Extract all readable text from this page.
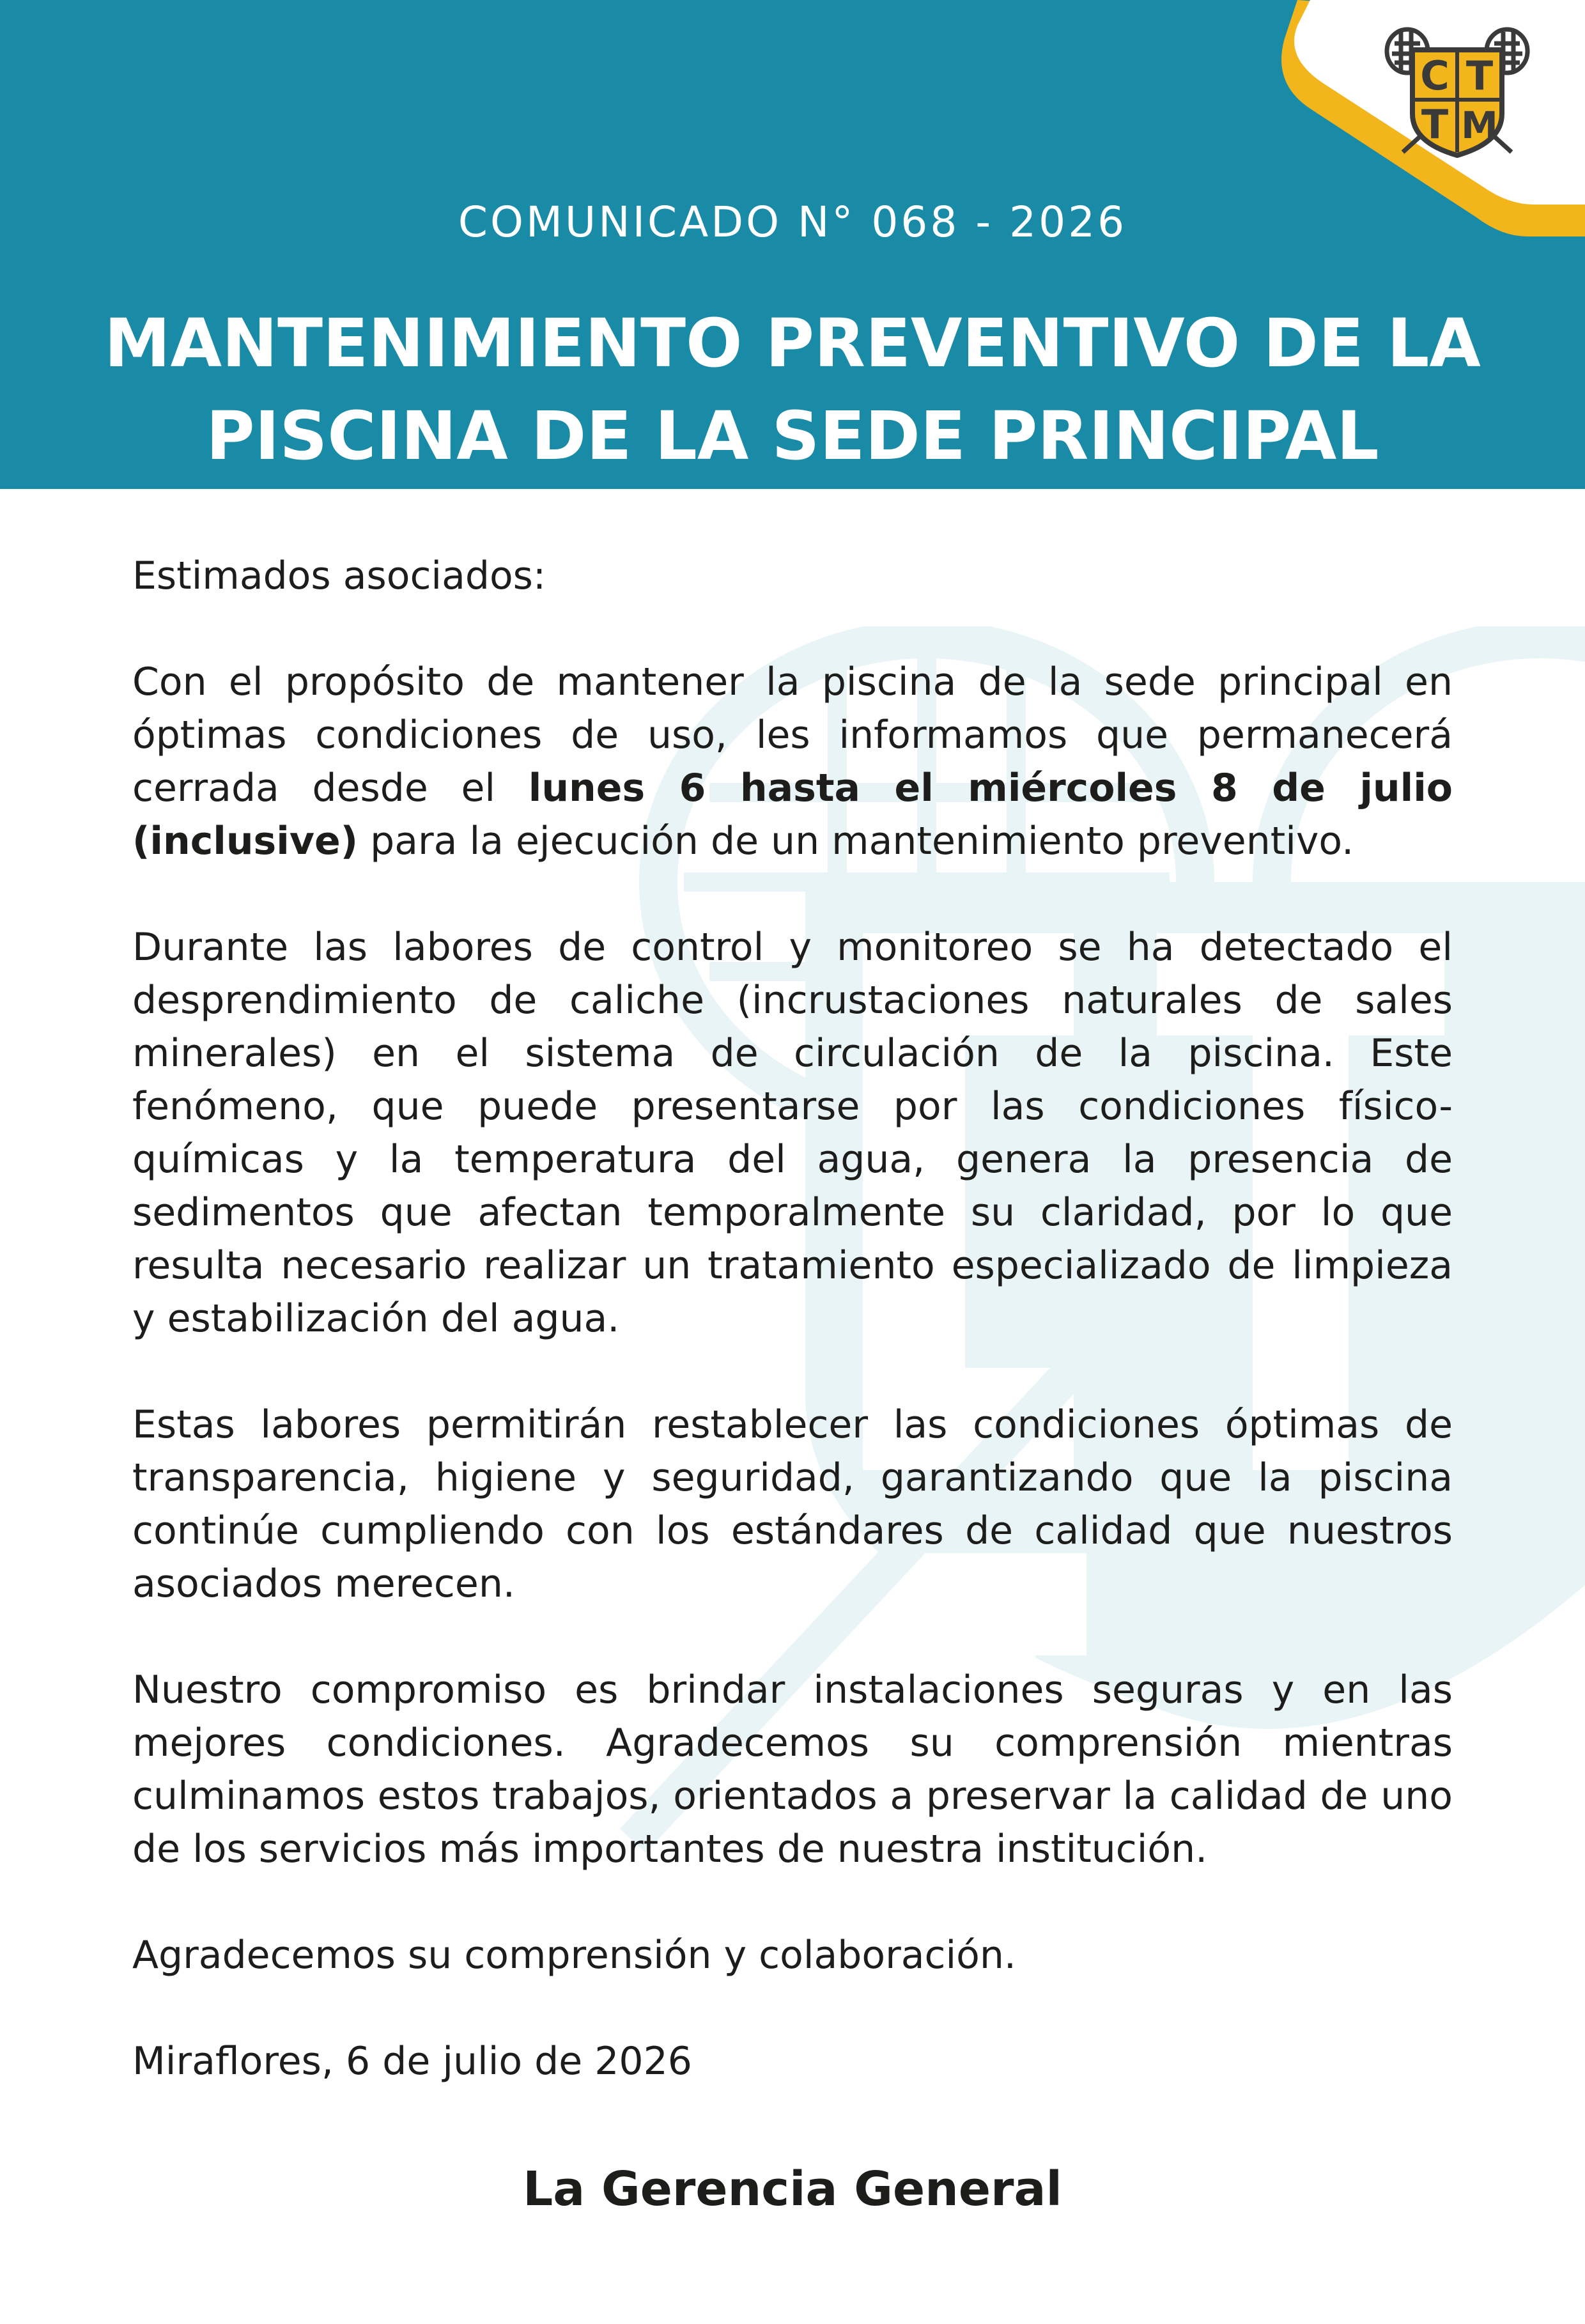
C T
T M
COMUNICADO N° 068 - 2026
MANTENIMIENTO PREVENTIVO DE LA
PISCINA DE LA SEDE PRINCIPAL

Estimados asociados:

Con el propósito de mantener la piscina de la sede principal en óptimas condiciones de uso, les informamos que permanecerá cerrada desde el lunes 6 hasta el miércoles 8 de julio (inclusive) para la ejecución de un mantenimiento preventivo.

Durante las labores de control y monitoreo se ha detectado el desprendimiento de caliche (incrustaciones naturales de sales minerales) en el sistema de circulación de la piscina. Este fenómeno, que puede presentarse por las condiciones físico-químicas y la temperatura del agua, genera la presencia de sedimentos que afectan temporalmente su claridad, por lo que resulta necesario realizar un tratamiento especializado de limpieza y estabilización del agua.

Estas labores permitirán restablecer las condiciones óptimas de transparencia, higiene y seguridad, garantizando que la piscina continúe cumpliendo con los estándares de calidad que nuestros asociados merecen.

Nuestro compromiso es brindar instalaciones seguras y en las mejores condiciones. Agradecemos su comprensión mientras culminamos estos trabajos, orientados a preservar la calidad de uno de los servicios más importantes de nuestra institución.

Agradecemos su comprensión y colaboración.

Miraflores, 6 de julio de 2026

La Gerencia General
